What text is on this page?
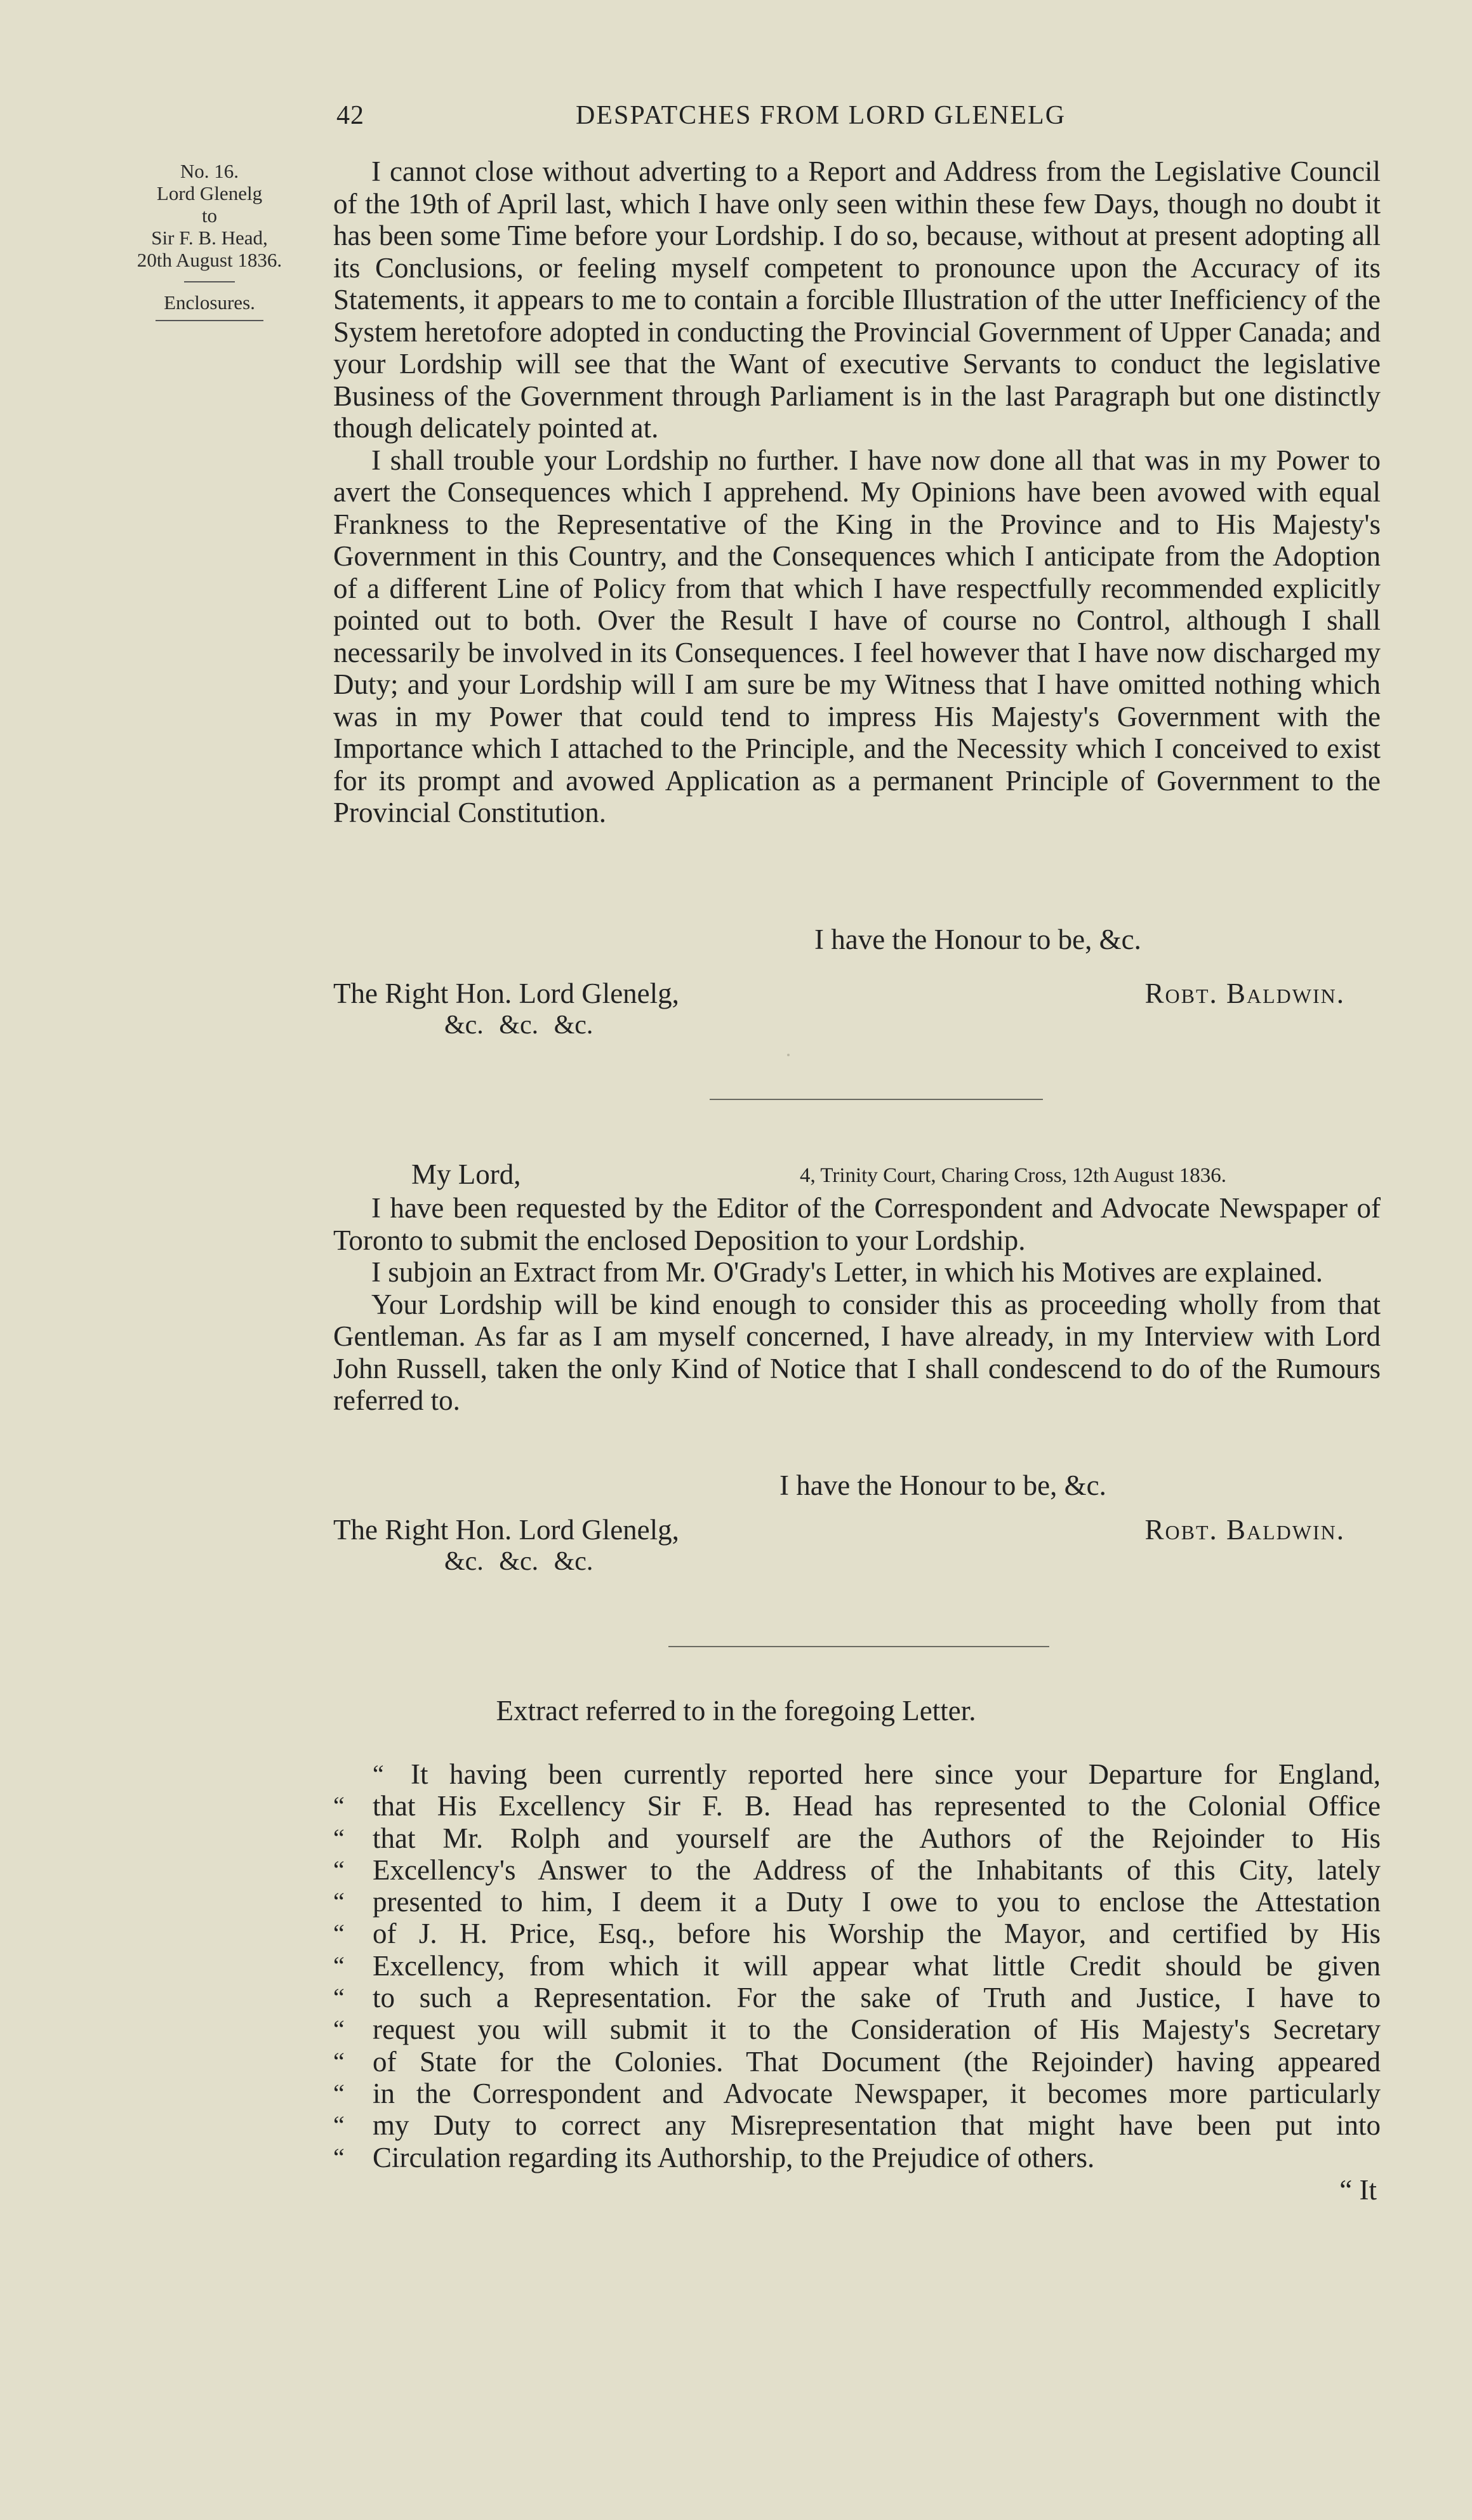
42	DESPATCHES FROM LORD GLENELG
No. 16.
Lord Glenelg
to
Sir F. B. Head,
20th August 1836.
Enclosures.

I cannot close without adverting to a Report and Address from the Legislative Council of the 19th of April last, which I have only seen within these few Days, though no doubt it has been some Time before your Lordship. I do so, because, without at present adopting all its Conclusions, or feeling myself competent to pronounce upon the Accuracy of its Statements, it appears to me to contain a forcible Illustration of the utter Inefficiency of the System heretofore adopted in conducting the Provincial Government of Upper Canada; and your Lordship will see that the Want of executive Servants to conduct the legislative Business of the Government through Parliament is in the last Paragraph but one distinctly though delicately pointed at.

I shall trouble your Lordship no further. I have now done all that was in my Power to avert the Consequences which I apprehend. My Opinions have been avowed with equal Frankness to the Representative of the King in the Province and to His Majesty's Government in this Country, and the Consequences which I anticipate from the Adoption of a different Line of Policy from that which I have respectfully recommended explicitly pointed out to both. Over the Result I have of course no Control, although I shall necessarily be involved in its Consequences. I feel however that I have now discharged my Duty; and your Lordship will I am sure be my Witness that I have omitted nothing which was in my Power that could tend to impress His Majesty's Government with the Importance which I attached to the Principle, and the Necessity which I conceived to exist for its prompt and avowed Application as a permanent Principle of Government to the Provincial Constitution.

I have the Honour to be, &c.
The Right Hon. Lord Glenelg,
&c. &c. &c.
Robt. Baldwin.
My Lord,	4, Trinity Court, Charing Cross, 12th August 1836.

I have been requested by the Editor of the Correspondent and Advocate Newspaper of Toronto to submit the enclosed Deposition to your Lordship.

I subjoin an Extract from Mr. O'Grady's Letter, in which his Motives are explained.

Your Lordship will be kind enough to consider this as proceeding wholly from that Gentleman. As far as I am myself concerned, I have already, in my Interview with Lord John Russell, taken the only Kind of Notice that I shall condescend to do of the Rumours referred to.

I have the Honour to be, &c.
The Right Hon. Lord Glenelg,
&c. &c. &c.
Robt. Baldwin.
Extract referred to in the foregoing Letter.
“ It having been currently reported here since your Departure for England,
“ that His Excellency Sir F. B. Head has represented to the Colonial Office
“ that Mr. Rolph and yourself are the Authors of the Rejoinder to His
“ Excellency's Answer to the Address of the Inhabitants of this City, lately
“ presented to him, I deem it a Duty I owe to you to enclose the Attestation
“ of J. H. Price, Esq., before his Worship the Mayor, and certified by His
“ Excellency, from which it will appear what little Credit should be given
“ to such a Representation. For the sake of Truth and Justice, I have to
“ request you will submit it to the Consideration of His Majesty's Secretary
“ of State for the Colonies. That Document (the Rejoinder) having appeared
“ in the Correspondent and Advocate Newspaper, it becomes more particularly
“ my Duty to correct any Misrepresentation that might have been put into
“ Circulation regarding its Authorship, to the Prejudice of others.
“ It
